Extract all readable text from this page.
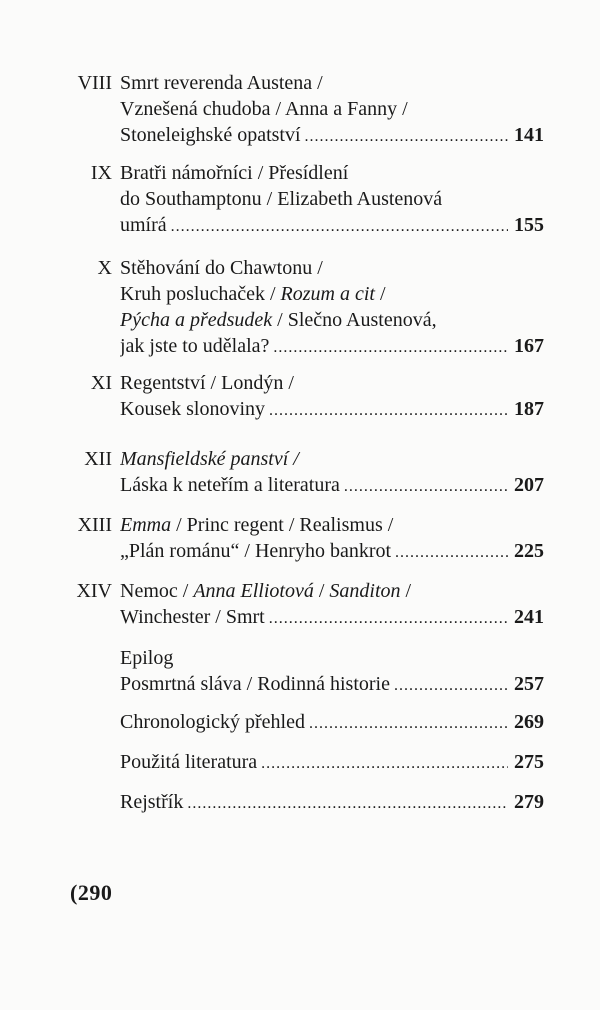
VIII Smrt reverenda Austena /
Vznešená chudoba / Anna a Fanny /
Stoneleighské opatství .....	141
IX Bratři námořníci / Přesídlení
do Southamptonu / Elizabeth Austenová
umírá .....	155
X Stěhování do Chawtonu /
Kruh posluchaček / Rozum a cit /
Pýcha a předsudek / Slečno Austenová,
jak jste to udělala? .....	167
XI Regentství / Londýn /
Kousek slonoviny .....	187
XII Mansfieldské panství /
Láska k neteřím a literatura .....	207
XIII Emma / Princ regent / Realismus /
„Plán románu“ / Henryho bankrot .....	225
XIV Nemoc / Anna Elliotová / Sanditon /
Winchester / Smrt .....	241
Epilog
Posmrtná sláva / Rodinná historie .....	257
Chronologický přehled .....	269
Použitá literatura .....	275
Rejstřík .....	279
(290
